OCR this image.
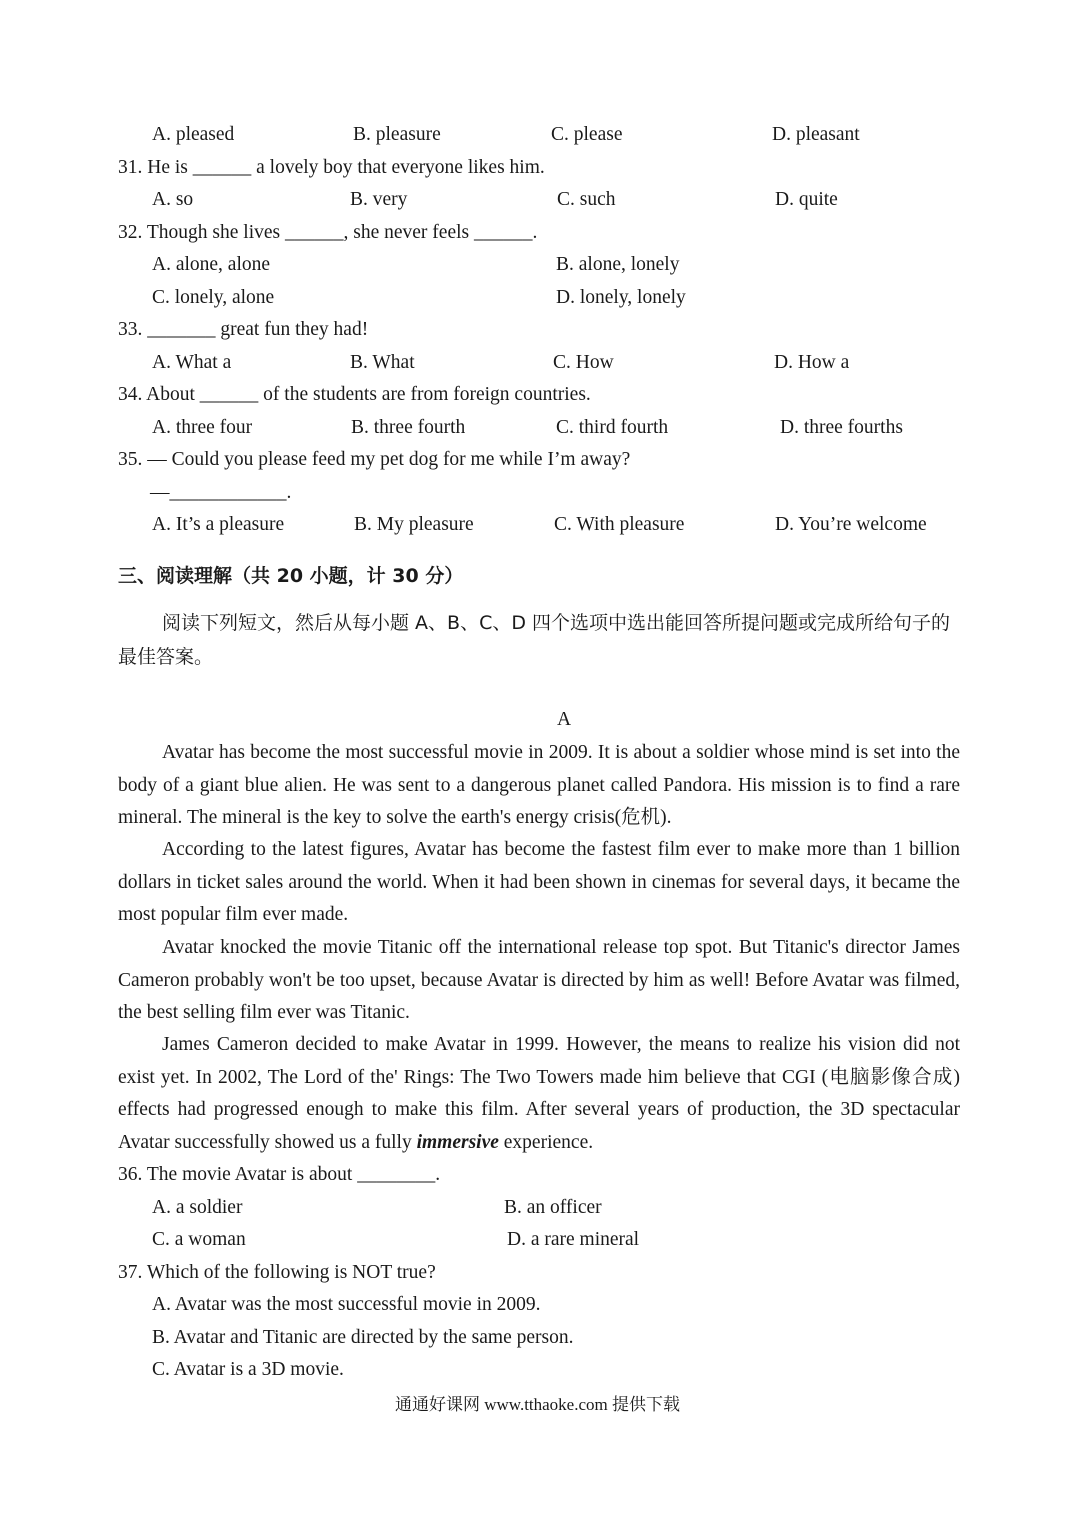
A. pleased	B. pleasure	C. please	D. pleasant
31. He is ______ a lovely boy that everyone likes him.
A. so	B. very	C. such	D. quite
32. Though she lives ______, she never feels ______.
A. alone, alone	B. alone, lonely
C. lonely, alone	D. lonely, lonely
33. _______ great fun they had!
A. What a	B. What	C. How	D. How a
34. About ______ of the students are from foreign countries.
A. three four	B. three fourth	C. third fourth	D. three fourths
35. — Could you please feed my pet dog for me while I’m away?
—____________.
A. It’s a pleasure	B. My pleasure	C. With pleasure	D. You’re welcome
三、阅读理解（共 20 小题，计 30 分）
阅读下列短文，然后从每小题 A、B、C、D 四个选项中选出能回答所提问题或完成所给句子的最佳答案。
A
Avatar has become the most successful movie in 2009. It is about a soldier whose mind is set into the body of a giant blue alien. He was sent to a dangerous planet called Pandora. His mission is to find a rare mineral. The mineral is the key to solve the earth's energy crisis(危机).
According to the latest figures, Avatar has become the fastest film ever to make more than 1 billion dollars in ticket sales around the world. When it had been shown in cinemas for several days, it became the most popular film ever made.
Avatar knocked the movie Titanic off the international release top spot. But Titanic's director James Cameron probably won't be too upset, because Avatar is directed by him as well! Before Avatar was filmed, the best selling film ever was Titanic.
James Cameron decided to make Avatar in 1999. However, the means to realize his vision did not exist yet. In 2002, The Lord of the' Rings: The Two Towers made him believe that CGI (电脑影像合成) effects had progressed enough to make this film. After several years of production, the 3D spectacular Avatar successfully showed us a fully immersive experience.
36. The movie Avatar is about ________.
A. a soldier	B. an officer
C. a woman	D. a rare mineral
37. Which of the following is NOT true?
A. Avatar was the most successful movie in 2009.
B. Avatar and Titanic are directed by the same person.
C. Avatar is a 3D movie.
通通好课网 www.tthaoke.com 提供下载
